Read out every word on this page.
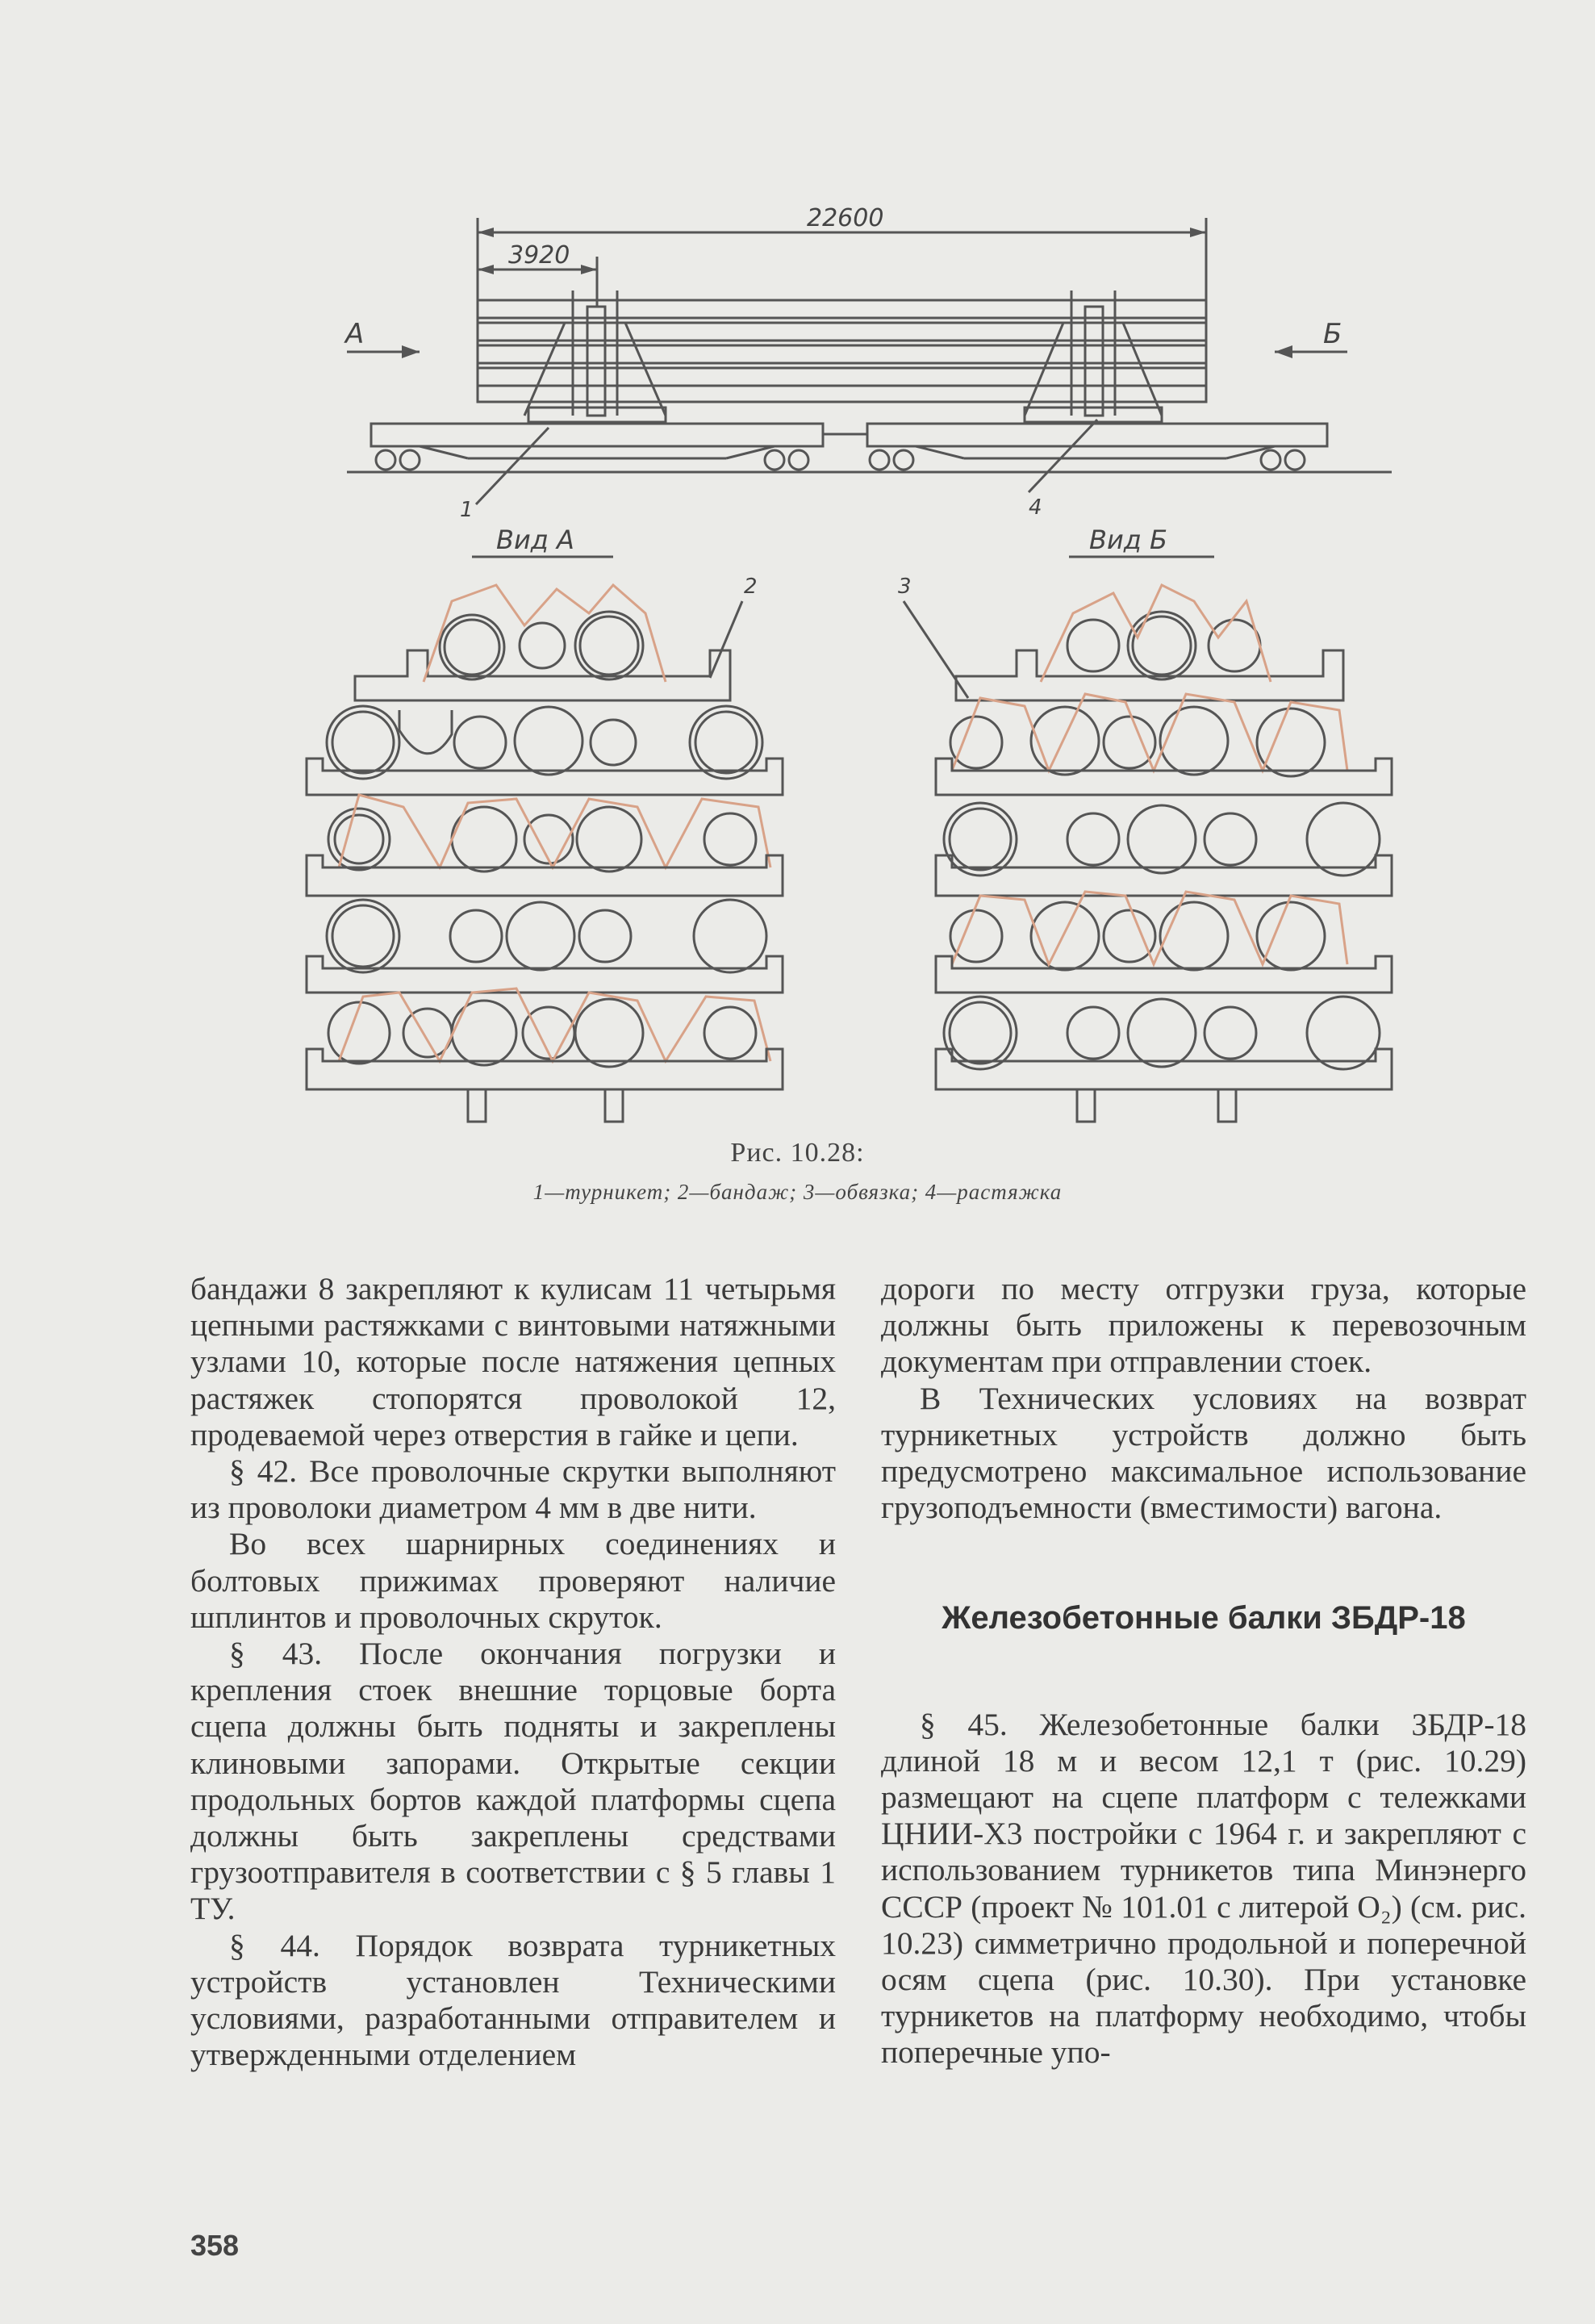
22600
3920
А	Б
1	4
Вид А	Вид Б
2	3
Рис. 10.28:
1—турникет; 2—бандаж; 3—обвязка; 4—растяжка

бандажи 8 закрепляют к кулисам 11 четырьмя цепными растяжками с винтовыми натяжными узлами 10, которые после натяжения цепных растяжек стопорятся проволокой 12, продеваемой через отверстия в гайке и цепи.

§ 42. Все проволочные скрутки выполняют из проволоки диаметром 4 мм в две нити.

Во всех шарнирных соединениях и болтовых прижимах проверяют наличие шплинтов и проволочных скруток.

§ 43. После окончания погрузки и крепления стоек внешние торцовые борта сцепа должны быть подняты и закреплены клиновыми запорами. Открытые секции продольных бортов каждой платформы сцепа должны быть закреплены средствами грузоотправителя в соответствии с § 5 главы 1 ТУ.

§ 44. Порядок возврата турникетных устройств установлен Техническими условиями, разработанными отправителем и утвержденными отделением

дороги по месту отгрузки груза, которые должны быть приложены к перевозочным документам при отправлении стоек.

В Технических условиях на возврат турникетных устройств должно быть предусмотрено максимальное использование грузоподъемности (вместимости) вагона.

Железобетонные балки ЗБДР-18

§ 45. Железобетонные балки ЗБДР-18 длиной 18 м и весом 12,1 т (рис. 10.29) размещают на сцепе платформ с тележками ЦНИИ-Х3 постройки с 1964 г. и закрепляют с использованием турникетов типа Минэнерго СССР (проект № 101.01 с литерой О₂) (см. рис. 10.23) симметрично продольной и поперечной осям сцепа (рис. 10.30). При установке турникетов на платформу необходимо, чтобы поперечные упо-

358
